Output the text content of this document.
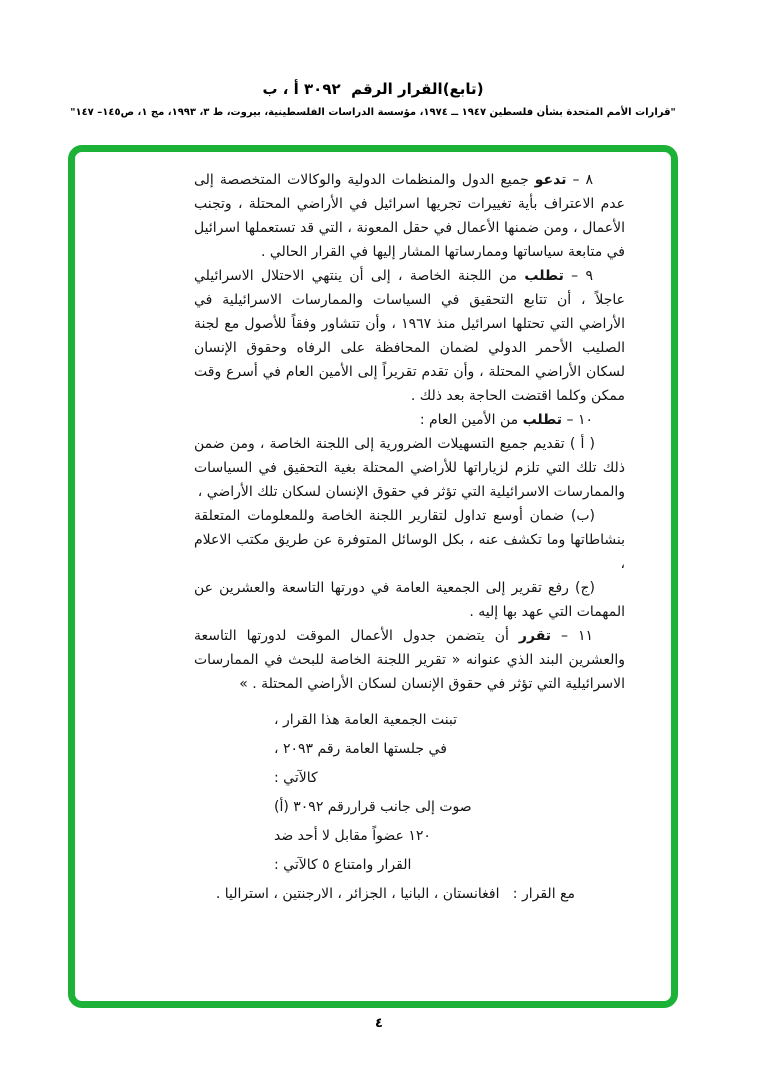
(تابع)القرار الرقم  ٣٠٩٢ أ ، ب
"قرارات الأمم المتحدة بشأن فلسطين ١٩٤٧ ــ ١٩٧٤، مؤسسة الدراسات الفلسطينية، بيروت، ط ٣، ١٩٩٣، مج ١، ص١٤٥– ١٤٧"

٨ – تدعو جميع الدول والمنظمات الدولية والوكالات المتخصصة إلى عدم الاعتراف بأية تغييرات تجريها اسرائيل في الأراضي المحتلة ، وتجنب الأعمال ، ومن ضمنها الأعمال في حقل المعونة ، التي قد تستعملها اسرائيل في متابعة سياساتها وممارساتها المشار إليها في القرار الحالي .

٩ – تطلب من اللجنة الخاصة ، إلى أن ينتهي الاحتلال الاسرائيلي عاجلاً ، أن تتابع التحقيق في السياسات والممارسات الاسرائيلية في الأراضي التي تحتلها اسرائيل منذ ١٩٦٧ ، وأن تتشاور وفقاً للأصول مع لجنة الصليب الأحمر الدولي لضمان المحافظة على الرفاه وحقوق الإنسان لسكان الأراضي المحتلة ، وأن تقدم تقريراً إلى الأمين العام في أسرع وقت ممكن وكلما اقتضت الحاجة بعد ذلك .

١٠ – تطلب من الأمين العام :

( أ ) تقديم جميع التسهيلات الضرورية إلى اللجنة الخاصة ، ومن ضمن ذلك تلك التي تلزم لزياراتها للأراضي المحتلة بغية التحقيق في السياسات والممارسات الاسرائيلية التي تؤثر في حقوق الإنسان لسكان تلك الأراضي ،

(ب) ضمان أوسع تداول لتقارير اللجنة الخاصة وللمعلومات المتعلقة بنشاطاتها وما تكشف عنه ، بكل الوسائل المتوفرة عن طريق مكتب الاعلام ،

(ج) رفع تقرير إلى الجمعية العامة في دورتها التاسعة والعشرين عن المهمات التي عهد بها إليه .

١١ – تقرر أن يتضمن جدول الأعمال الموقت لدورتها التاسعة والعشرين البند الذي عنوانه « تقرير اللجنة الخاصة للبحث في الممارسات الاسرائيلية التي تؤثر في حقوق الإنسان لسكان الأراضي المحتلة . »

تبنت الجمعية العامة هذا القرار ،
في جلستها العامة رقم ٢٠٩٣ ،
كالآتي :
صوت إلى جانب قراررقم ٣٠٩٢ (أ)
١٢٠ عضواً مقابل لا أحد ضد
القرار وامتناع ٥ كالآتي :
مع القرار :   افغانستان ، البانيا ، الجزائر ، الارجنتين ، استراليا .
٤
